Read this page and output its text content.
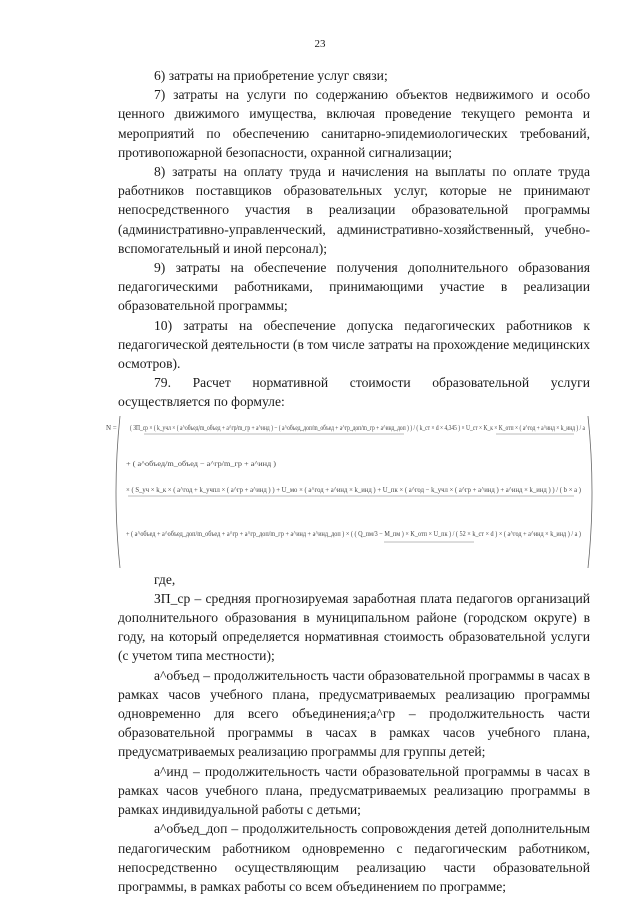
23

6) затраты на приобретение услуг связи;

7) затраты на услуги по содержанию объектов недвижимого и особо ценного движимого имущества, включая проведение текущего ремонта и мероприятий по обеспечению санитарно-эпидемиологических требований, противопожарной безопасности, охранной сигнализации;

8) затраты на оплату труда и начисления на выплаты по оплате труда работников поставщиков образовательных услуг, которые не принимают непосредственного участия в реализации образовательной программы (административно-управленческий, административно-хозяйственный, учебно-вспомогательный и иной персонал);

9) затраты на обеспечение получения дополнительного образования педагогическими работниками, принимающими участие в реализации образовательной программы;

10) затраты на обеспечение допуска педагогических работников к педагогической деятельности (в том числе затраты на прохождение медицинских осмотров).

79. Расчет нормативной стоимости образовательной услуги осуществляется по формуле:

N = ( ЗП_ср × ( k_учл × ( a^объед/m_объед + a^гр/m_гр + a^инд ) − ( a^объед_доп/m_объед + a^гр_доп/m_гр + a^инд_доп ) ) / ( k_ст × d × 4,345 ) × U_ст × K_к × K_отп × ( a^год + a^инд × k_инд ) / a
+ ( a^объед/m_объед − a^гр/m_гр + a^инд )
× ( S_уч × k_к × ( a^год + k_учпл × ( a^гр + a^инд ) ) + U_мо × ( a^год + a^инд × k_инд ) + U_пк × ( a^год − k_учл × ( a^гр + a^инд ) + a^инд × k_инд ) ) / ( b × a )
+ ( a^объед + a^объед_доп/m_объед + a^гр + a^гр_доп/m_гр + a^инд + a^инд_доп ) × ( ( Q_пм/3 − M_пм ) × K_отп × U_пк ) / ( 52 × k_ст × d ) × ( a^год + a^инд × k_инд ) / a )

где,

ЗП_ср – средняя прогнозируемая заработная плата педагогов организаций дополнительного образования в муниципальном районе (городском округе) в году, на который определяется нормативная стоимость образовательной услуги (с учетом типа местности);

a^объед – продолжительность части образовательной программы в часах в рамках часов учебного плана, предусматриваемых реализацию программы одновременно для всего объединения;a^гр – продолжительность части образовательной программы в часах в рамках часов учебного плана, предусматриваемых реализацию программы для группы детей;

a^инд – продолжительность части образовательной программы в часах в рамках часов учебного плана, предусматриваемых реализацию программы в рамках индивидуальной работы с детьми;

a^объед_доп – продолжительность сопровождения детей дополнительным педагогическим работником одновременно с педагогическим работником, непосредственно осуществляющим реализацию части образовательной программы, в рамках работы со всем объединением по программе;
